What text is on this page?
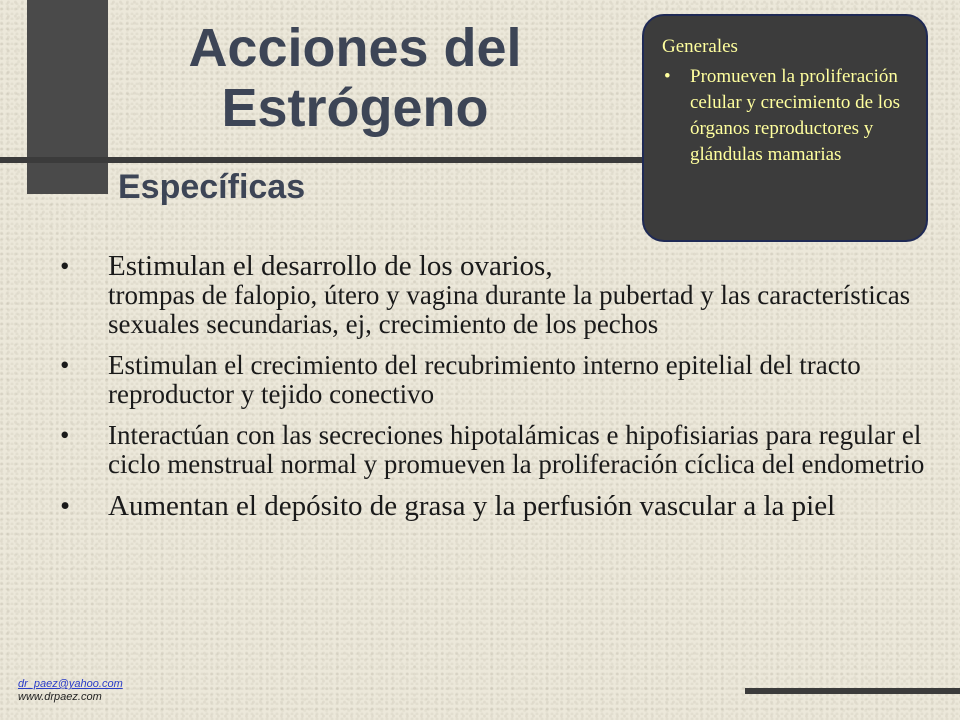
Acciones del
Estrógeno
Específicas

Generales

• Promueven la proliferación celular y crecimiento de los órganos reproductores y glándulas mamarias
• Estimulan el desarrollo de los ovarios,
trompas de falopio, útero y vagina durante la pubertad y las características sexuales secundarias, ej, crecimiento de los pechos
• Estimulan el crecimiento del recubrimiento interno epitelial del tracto reproductor y tejido conectivo
• Interactúan con las secreciones hipotalámicas e hipofisiarias para regular el ciclo menstrual normal y promueven la proliferación cíclica del endometrio
• Aumentan el depósito de grasa y la perfusión vascular a la piel
dr_paez@yahoo.com
www.drpaez.com
